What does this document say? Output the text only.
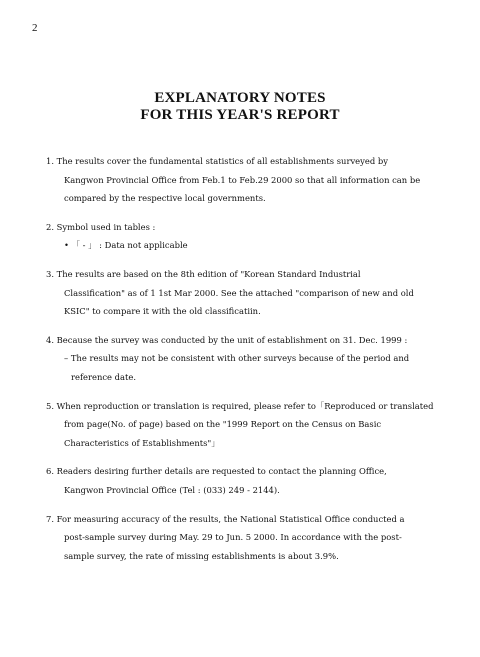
2
EXPLANATORY NOTES
FOR THIS YEAR'S REPORT
1. The results cover the fundamental statistics of all establishments surveyed by
Kangwon Provincial Office from Feb.1 to Feb.29 2000 so that all information can be
compared by the respective local governments.
2. Symbol used in tables :
• 「 - 」 : Data not applicable
3. The results are based on the 8th edition of "Korean Standard Industrial
Classification" as of 1 1st Mar 2000. See the attached "comparison of new and old
KSIC" to compare it with the old classificatiin.
4. Because the survey was conducted by the unit of establishment on 31. Dec. 1999 :
– The results may not be consistent with other surveys because of the period and
reference date.
5. When reproduction or translation is required, please refer to「Reproduced or translated
from page(No. of page) based on the "1999 Report on the Census on Basic
Characteristics of Establishments"」
6. Readers desiring further details are requested to contact the planning Office,
Kangwon Provincial Office (Tel : (033) 249 - 2144).
7. For measuring accuracy of the results, the National Statistical Office conducted a
post-sample survey during May. 29 to Jun. 5 2000. In accordance with the post-
sample survey, the rate of missing establishments is about 3.9%.
